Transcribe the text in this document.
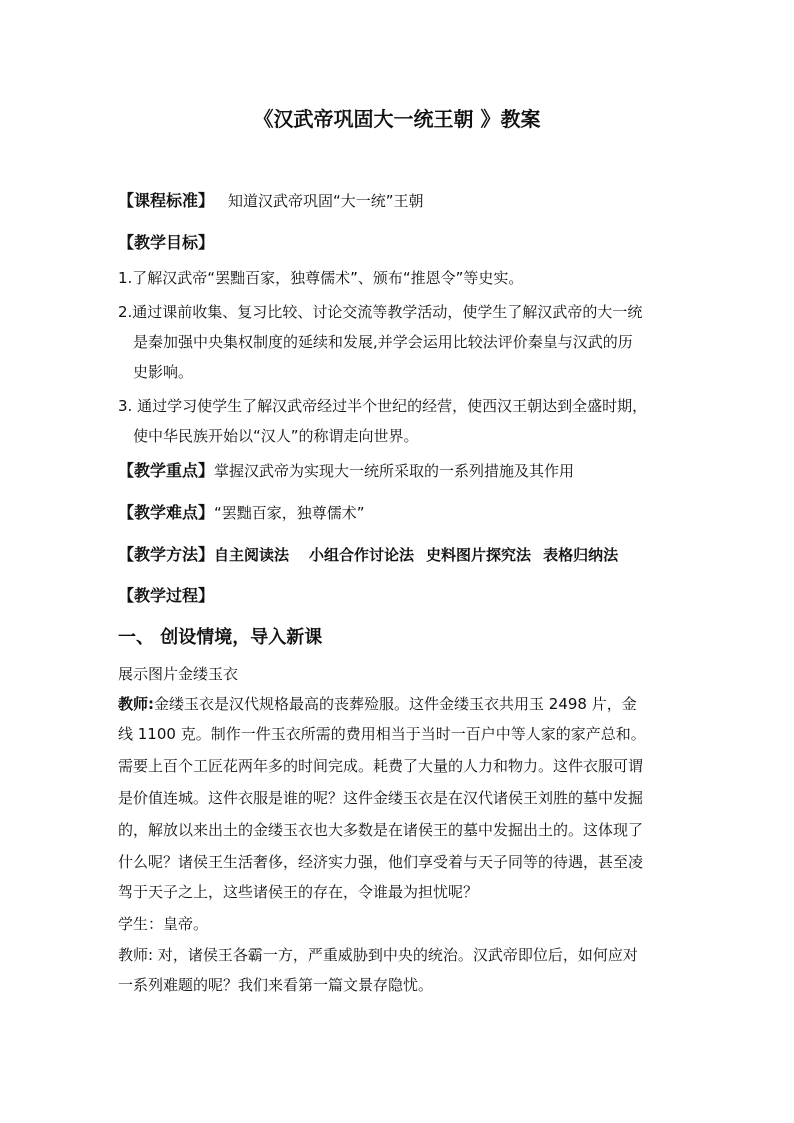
《汉武帝巩固大一统王朝 》教案
【课程标准】 知道汉武帝巩固“大一统”王朝
【教学目标】
1.了解汉武帝“罢黜百家，独尊儒术”、颁布“推恩令”等史实。
2.通过课前收集、复习比较、讨论交流等教学活动，使学生了解汉武帝的大一统
是秦加强中央集权制度的延续和发展,并学会运用比较法评价秦皇与汉武的历
史影响。
3. 通过学习使学生了解汉武帝经过半个世纪的经营，使西汉王朝达到全盛时期，
使中华民族开始以“汉人”的称谓走向世界。
【教学重点】掌握汉武帝为实现大一统所采取的一系列措施及其作用
【教学难点】“罢黜百家，独尊儒术”
【教学方法】自主阅读法 小组合作讨论法 史料图片探究法 表格归纳法
【教学过程】
一、 创设情境，导入新课
展示图片金缕玉衣
教师:金缕玉衣是汉代规格最高的丧葬殓服。这件金缕玉衣共用玉 2498 片，金
线 1100 克。制作一件玉衣所需的费用相当于当时一百户中等人家的家产总和。
需要上百个工匠花两年多的时间完成。耗费了大量的人力和物力。这件衣服可谓
是价值连城。这件衣服是谁的呢？这件金缕玉衣是在汉代诸侯王刘胜的墓中发掘
的，解放以来出土的金缕玉衣也大多数是在诸侯王的墓中发掘出土的。这体现了
什么呢？诸侯王生活奢侈，经济实力强，他们享受着与天子同等的待遇，甚至凌
驾于天子之上，这些诸侯王的存在，令谁最为担忧呢？
学生：皇帝。
教师: 对，诸侯王各霸一方，严重威胁到中央的统治。汉武帝即位后，如何应对
一系列难题的呢？我们来看第一篇文景存隐忧。
